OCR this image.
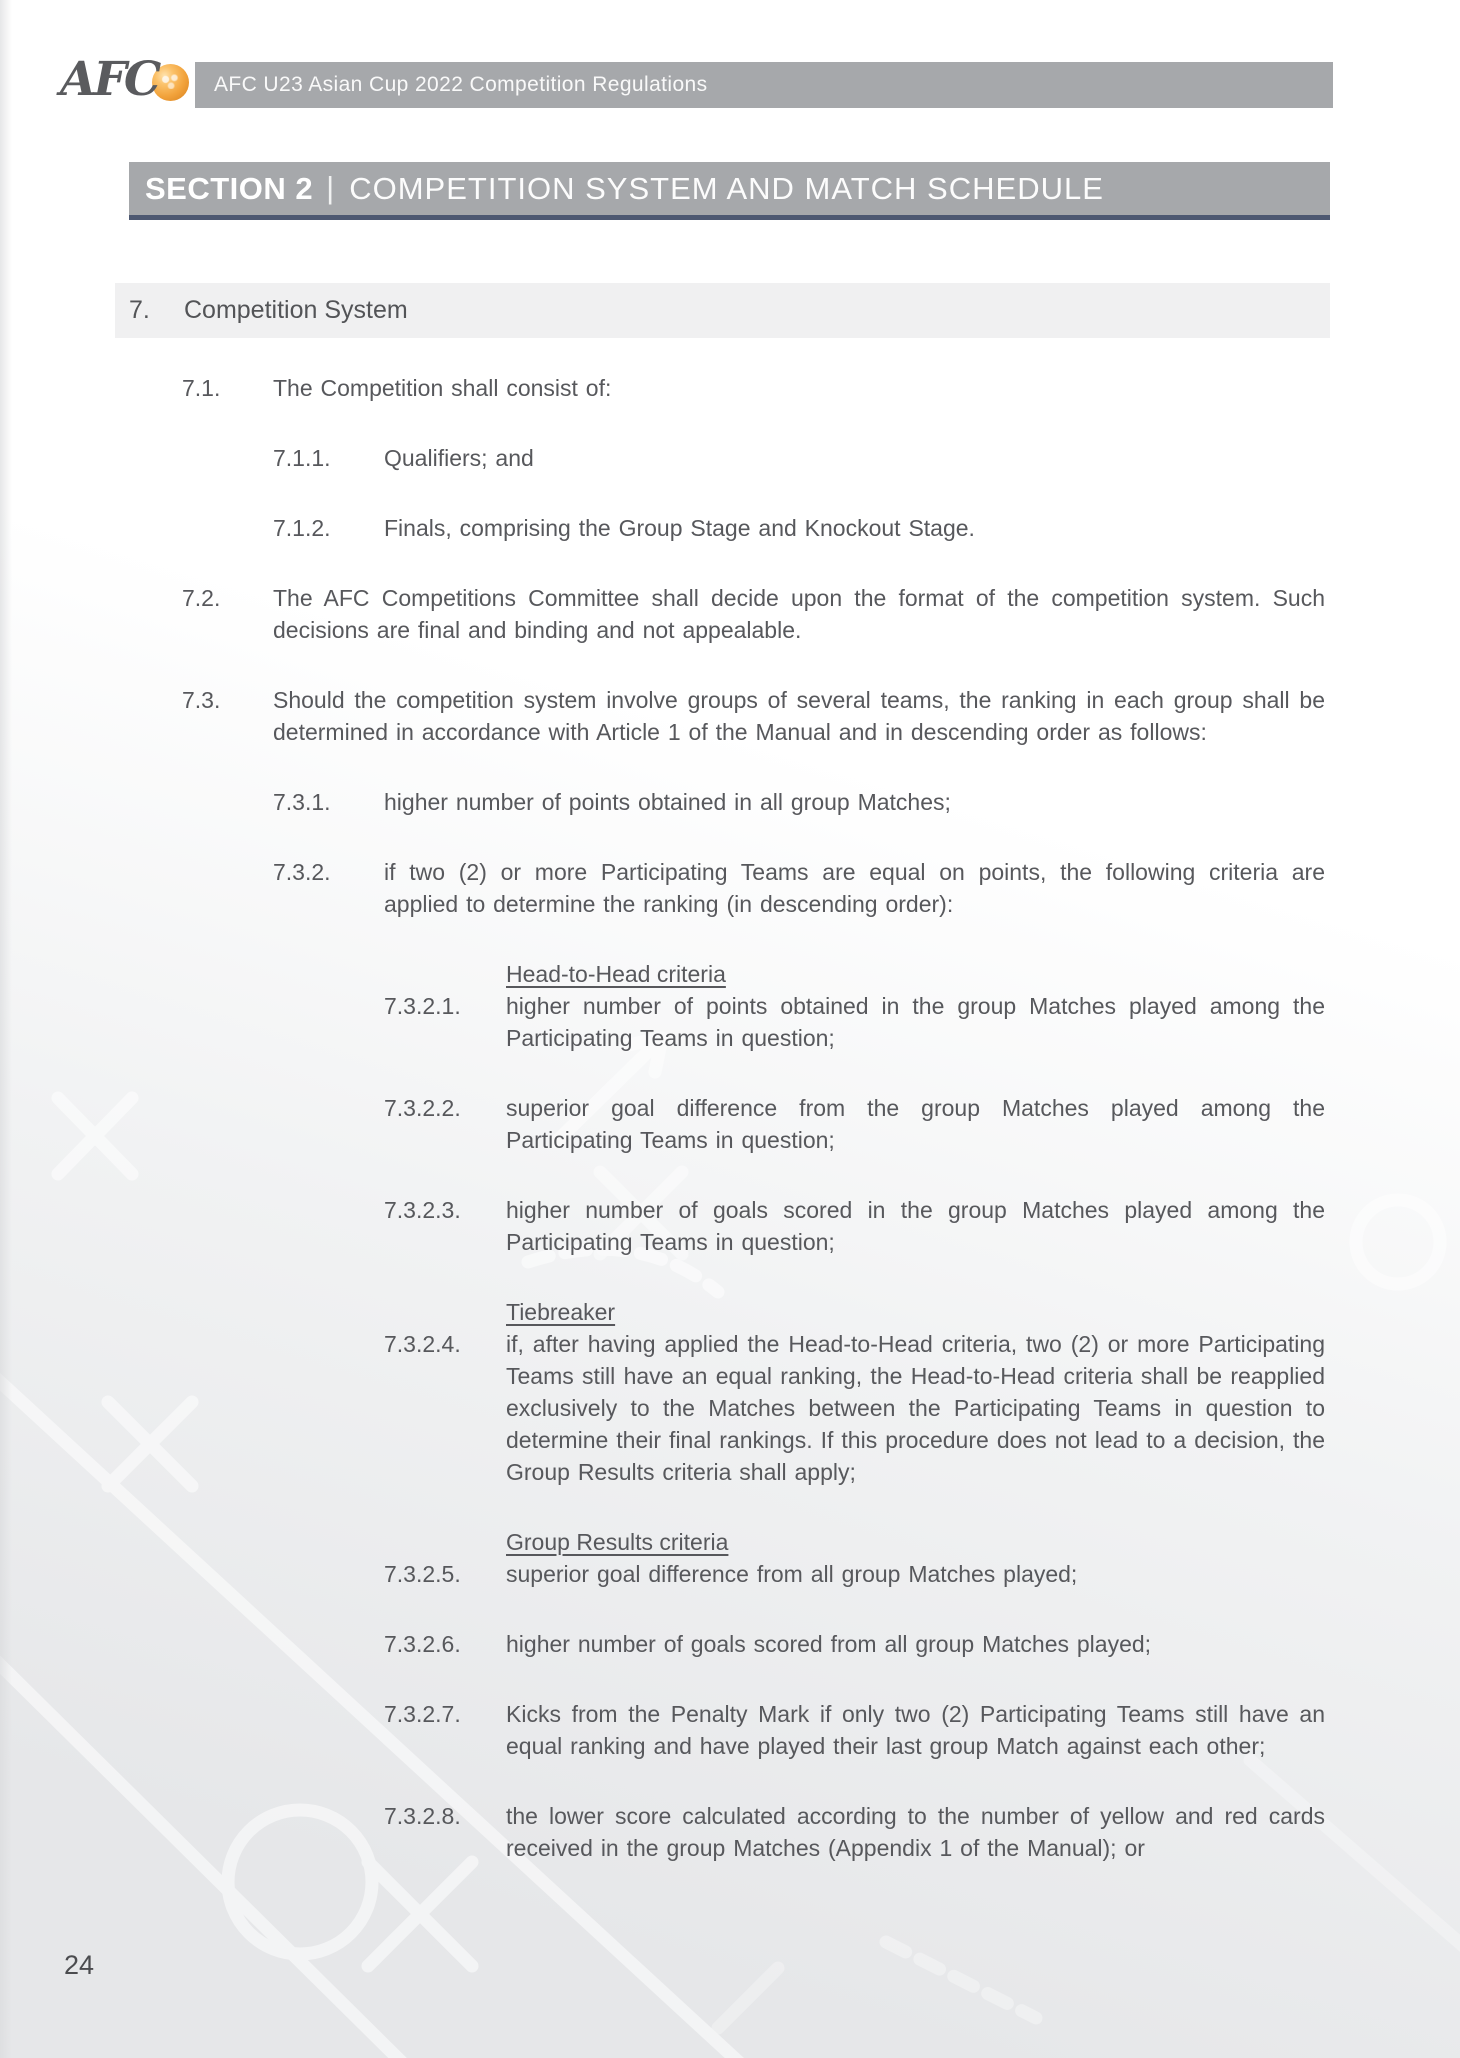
AFC	AFC U23 Asian Cup 2022 Competition Regulations
SECTION 2 | COMPETITION SYSTEM AND MATCH SCHEDULE
7.	Competition System
7.1.	The Competition shall consist of:

7.1.1.	Qualifiers; and

7.1.2.	Finals, comprising the Group Stage and Knockout Stage.

7.2.	The AFC Competitions Committee shall decide upon the format of the competition system. Such decisions are final and binding and not appealable.

7.3.	Should the competition system involve groups of several teams, the ranking in each group shall be determined in accordance with Article 1 of the Manual and in descending order as follows:

7.3.1.	higher number of points obtained in all group Matches;

7.3.2.	if two (2) or more Participating Teams are equal on points, the following criteria are applied to determine the ranking (in descending order):

Head-to-Head criteria
7.3.2.1.	higher number of points obtained in the group Matches played among the Participating Teams in question;

7.3.2.2.	superior goal difference from the group Matches played among the Participating Teams in question;

7.3.2.3.	higher number of goals scored in the group Matches played among the Participating Teams in question;

Tiebreaker
7.3.2.4.	if, after having applied the Head-to-Head criteria, two (2) or more Participating Teams still have an equal ranking, the Head-to-Head criteria shall be reapplied exclusively to the Matches between the Participating Teams in question to determine their final rankings. If this procedure does not lead to a decision, the Group Results criteria shall apply;

Group Results criteria
7.3.2.5.	superior goal difference from all group Matches played;

7.3.2.6.	higher number of goals scored from all group Matches played;

7.3.2.7.	Kicks from the Penalty Mark if only two (2) Participating Teams still have an equal ranking and have played their last group Match against each other;

7.3.2.8.	the lower score calculated according to the number of yellow and red cards received in the group Matches (Appendix 1 of the Manual); or

24
